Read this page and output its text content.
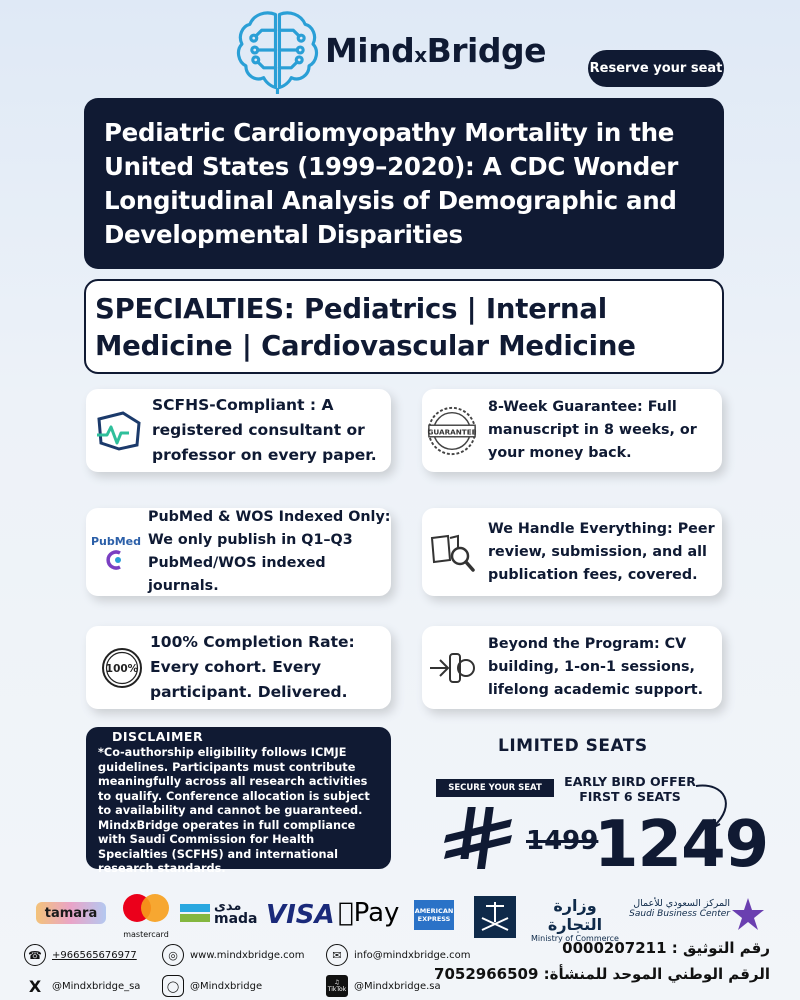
MindxBridge	Reserve your seat
Pediatric Cardiomyopathy Mortality in the United States (1999–2020): A CDC Wonder Longitudinal Analysis of Demographic and Developmental Disparities
SPECIALTIES: Pediatrics | Internal Medicine | Cardiovascular Medicine
SCFHS-Compliant : A registered consultant or professor on every paper.
GUARANTEE
8-Week Guarantee: Full manuscript in 8 weeks, or your money back.
PubMed
PubMed & WOS Indexed Only: We only publish in Q1–Q3 PubMed/WOS indexed journals.
We Handle Everything: Peer review, submission, and all publication fees, covered.
100%
100% Completion Rate: Every cohort. Every participant. Delivered.
Beyond the Program: CV building, 1-on-1 sessions, lifelong academic support.
DISCLAIMER
*Co-authorship eligibility follows ICMJE guidelines. Participants must contribute meaningfully across all research activities to qualify. Conference allocation is subject to availability and cannot be guaranteed. MindxBridge operates in full compliance with Saudi Commission for Health Specialties (SCFHS) and international research standards.
LIMITED SEATS
SECURE YOUR SEAT	EARLY BIRD OFFER FIRST 6 SEATS
1499
1249
tamara
mastercard
مدى
mada VISA Pay	AMERICAN EXPRESS
وزارة التجارة
Ministry of Commerce
المركز السعودي للأعمال
Saudi Business Center
☎	+966565676977	◎	www.mindxbridge.com	✉	info@mindxbridge.com
X	@Mindxbridge_sa	◯	@Mindxbridge	♫
TikTok @Mindxbridge.sa
رقم التوثيق : 0000207211
الرقم الوطني الموحد للمنشأة: 7052966509
